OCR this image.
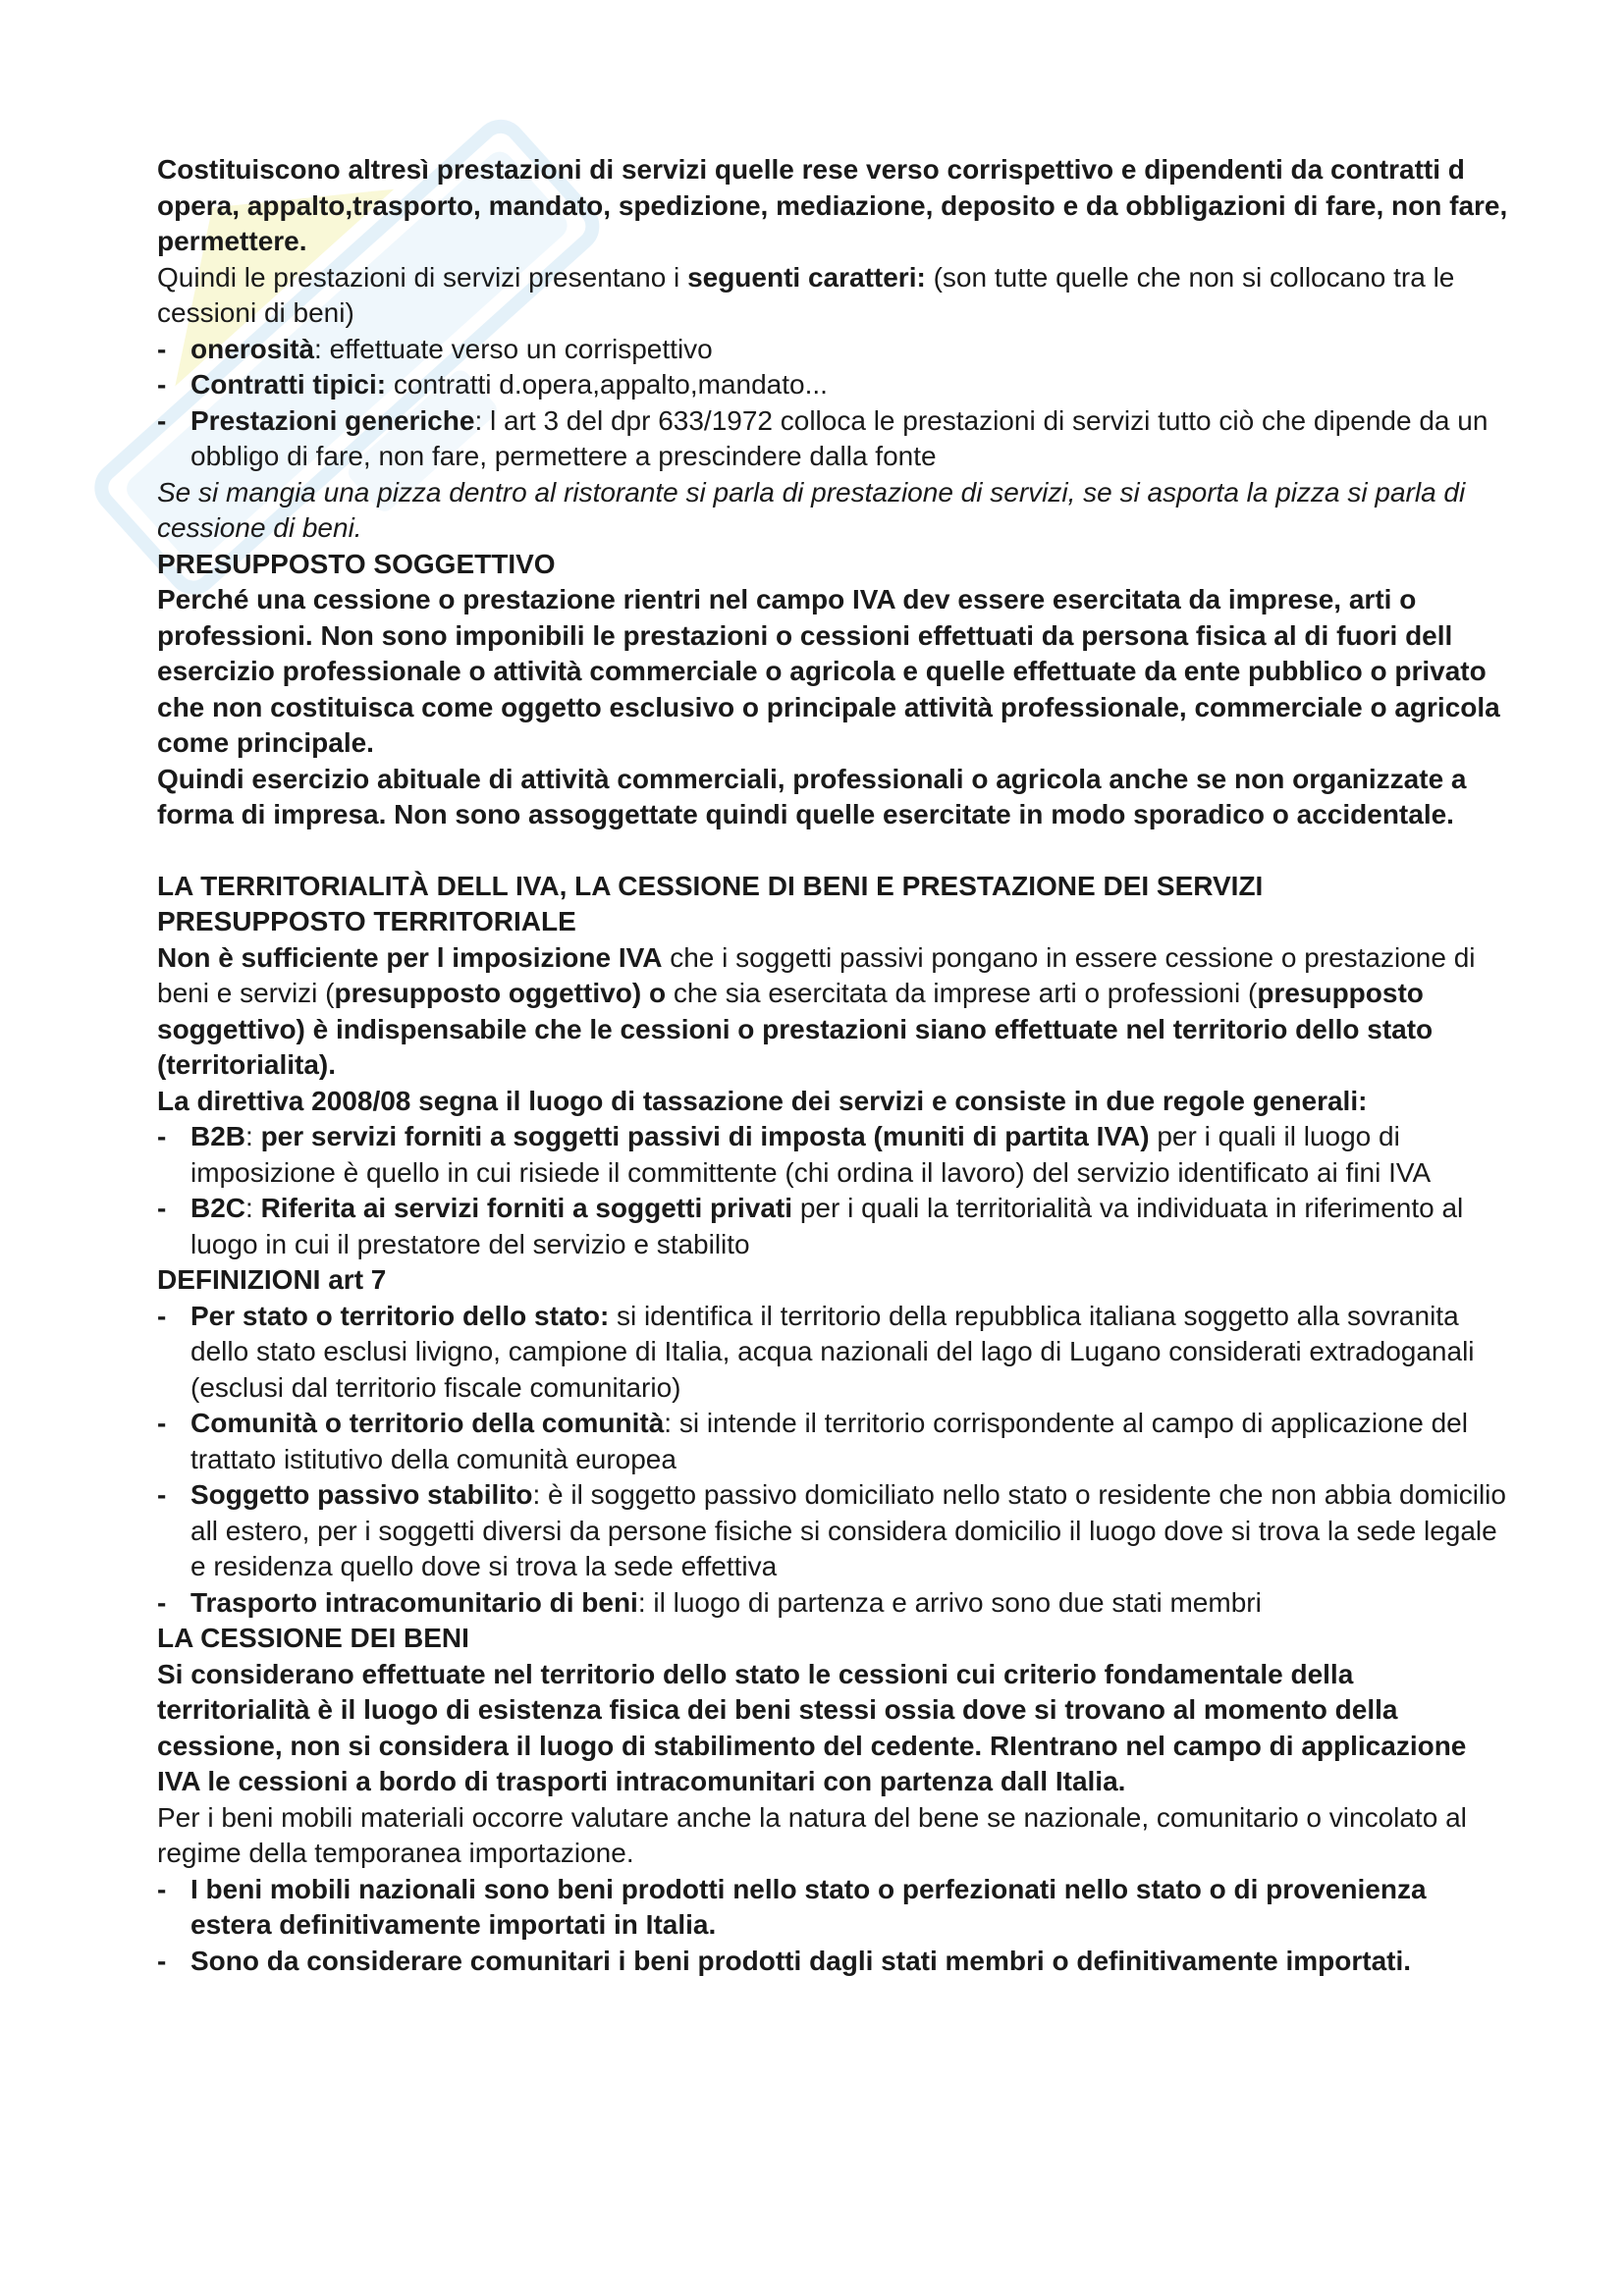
Costituiscono altresì prestazioni di servizi quelle rese verso corrispettivo e dipendenti da contratti d opera, appalto,trasporto, mandato, spedizione, mediazione, deposito e da obbligazioni di fare, non fare, permettere.

Quindi le prestazioni di servizi presentano i seguenti caratteri: (son tutte quelle che non si collocano tra le cessioni di beni)

- onerosità: effettuate verso un corrispettivo

- Contratti tipici: contratti d.opera,appalto,mandato...

- Prestazioni generiche: l art 3 del dpr 633/1972 colloca le prestazioni di servizi tutto ciò che dipende da un obbligo di fare, non fare, permettere a prescindere dalla fonte

Se si mangia una pizza dentro al ristorante si parla di prestazione di servizi, se si asporta la pizza si parla di cessione di beni.

PRESUPPOSTO SOGGETTIVO

Perché una cessione o prestazione rientri nel campo IVA dev essere esercitata da imprese, arti o professioni. Non sono imponibili le prestazioni o cessioni effettuati da persona fisica al di fuori dell esercizio professionale o attività commerciale o agricola e quelle effettuate da ente pubblico o privato che non costituisca come oggetto esclusivo o principale attività professionale, commerciale o agricola come principale.

Quindi esercizio abituale di attività commerciali, professionali o agricola anche se non organizzate a forma di impresa. Non sono assoggettate quindi quelle esercitate in modo sporadico o accidentale.

LA TERRITORIALITÀ DELL IVA, LA CESSIONE DI BENI E PRESTAZIONE DEI SERVIZI

PRESUPPOSTO TERRITORIALE

Non è sufficiente per l imposizione IVA che i soggetti passivi pongano in essere cessione o prestazione di beni e servizi (presupposto oggettivo) o che sia esercitata da imprese arti o professioni (presupposto soggettivo) è indispensabile che le cessioni o prestazioni siano effettuate nel territorio dello stato (territorialita).

La direttiva 2008/08 segna il luogo di tassazione dei servizi e consiste in due regole generali:

- B2B: per servizi forniti a soggetti passivi di imposta (muniti di partita IVA) per i quali il luogo di imposizione è quello in cui risiede il committente (chi ordina il lavoro) del servizio identificato ai fini IVA

- B2C: Riferita ai servizi forniti a soggetti privati per i quali la territorialità va individuata in riferimento al luogo in cui il prestatore del servizio e stabilito

DEFINIZIONI art 7

- Per stato o territorio dello stato: si identifica il territorio della repubblica italiana soggetto alla sovranita dello stato esclusi livigno, campione di Italia, acqua nazionali del lago di Lugano considerati extradoganali (esclusi dal territorio fiscale comunitario)

- Comunità o territorio della comunità: si intende il territorio corrispondente al campo di applicazione del trattato istitutivo della comunità europea

- Soggetto passivo stabilito: è il soggetto passivo domiciliato nello stato o residente che non abbia domicilio all estero, per i soggetti diversi da persone fisiche si considera domicilio il luogo dove si trova la sede legale e residenza quello dove si trova la sede effettiva

- Trasporto intracomunitario di beni: il luogo di partenza e arrivo sono due stati membri

LA CESSIONE DEI BENI

Si considerano effettuate nel territorio dello stato le cessioni cui criterio fondamentale della territorialità è il luogo di esistenza fisica dei beni stessi ossia dove si trovano al momento della cessione, non si considera il luogo di stabilimento del cedente. RIentrano nel campo di applicazione IVA le cessioni a bordo di trasporti intracomunitari con partenza dall Italia.

Per i beni mobili materiali occorre valutare anche la natura del bene se nazionale, comunitario o vincolato al regime della temporanea importazione.

- I beni mobili nazionali sono beni prodotti nello stato o perfezionati nello stato o di provenienza estera definitivamente importati in Italia.

- Sono da considerare comunitari i beni prodotti dagli stati membri o definitivamente importati.
